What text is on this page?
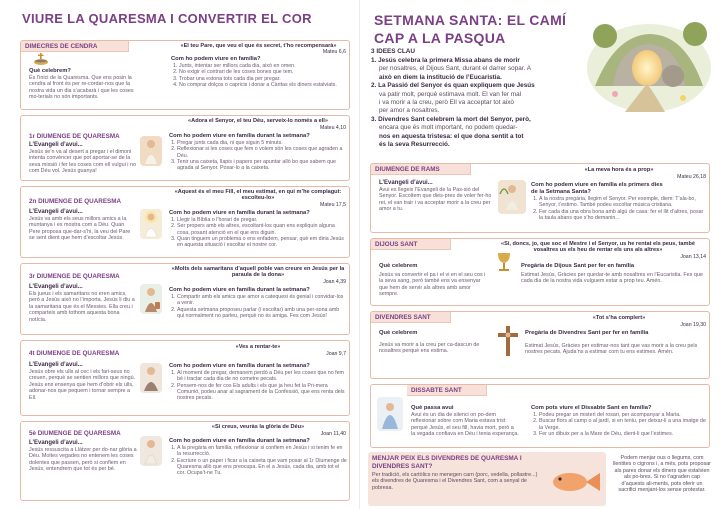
VIURE LA QUARESMA I CONVERTIR EL COR
DIMECRES DE CENDRA	«El teu Pare, que veu el que és secret, t’ho recompensarà»
Mateu 6,6
Què celebrem?
És l’inici de la Quaresma. Que ens posin la cendra al front és per re-cordar-nos que la nostra vida un dia s’acabarà i que les coses mo-terials no són importants.
Com ho podem viure en família?
1. Junts, intentar ser millors cada dia, això en omen.
2. No exigir el contrari de les coses bones que tem.
3. Trobar una estona tots cada dia per pregar.
4. No comprar dolços o capricis i donar a Càritas els diners estalviats.
«Adora el Senyor, el teu Déu, serveix-lo només a ell»
Mateu 4,10
1r DIUMENGE DE QUARESMA
L’Evangeli d’avui...
Jesús se’n va al desert a pregar i el dimoni intenta convèncer que pot aportar-se de la seva missió i fer les coses com ell vulgui i no com Déu vol. Jesús guanya!
Com ho podem viure en família durant la setmana?
1. Pregar junts cada dia, ni que siguin 5 minuts.
2. Reflexionar si les coses que fem o volem són les coses que agraden a Déu.
3. Tenir una caixeta, llapis i papers per apuntar allò bo que sabem que agrada al Senyor. Posar-lo a la caixeta.
«Aquest és el meu Fill, el meu estimat, en qui m’he complagut: escolteu-lo»
Mateu 17,5
2n DIUMENGE DE QUARESMA
L’Evangeli d’avui...
Jesús va amb els seus millors amics a la muntanya i es mostra com a Déu. Quan Pere proposa que-dar-s’hi, la veu del Pare se sent dient que hem d’escoltar Jesús.
Com ho podem viure en família durant la setmana?
1. Llegir la Bíblia o l’horari de pregar.
2. Ser propers amb els altres, escoltant-los quan ens expliquin alguna cosa, posant atenció en el que ens diguin.
3. Quan tinguem un problema o ens enfadem, pensar, què em diria Jesús en aquesta situació i escoltar el nostre cor.
«Molts dels samaritans d’aquell poble van creure en Jesús per la paraula de la dona»
Joan 4,39
3r DIUMENGE DE QUARESMA
L’Evangeli d’avui...
Els jueus i els samaritans no eren amics, però a Jesús això no l’importa. Jesús li diu a la samaritana que és el Messies. Ella creu i comparteix amb tothom aquesta bona notícia.
Com ho podem viure en família durant la setmana?
1. Compartir amb els amics que amor a catequesi és genial i convidar-los a venir.
2. Aquesta setmana proposeu parlar (i escoltar) amb una per-sona amb qui normalment no parleu, perquè no és amiga. Fes com Jesús!
«Ves a rentar-te»
Joan 9,7
4t DIUMENGE DE QUARESMA
L’Evangeli d’avui...
Jesús obre els ulls al cec i els fari-seus no creuen, perquè se sentien millors que ningú. Jesús ens ensenya que hem d’obrir els ulls, adonar-nos que pequem i tornar sempre a Ell.
Com ho podem viure en família durant la setmana?
1. Al moment de pregar, demanem perdó a Déu per les coses que no fem bé i tractar cada dia de no cometre pecats.
2. Pensem-nos de fer cos Els adults i els que ja heu fet la Pri-mera Comunió, podeu anar al sagrament de la Confessió, que ens renta dels nostres pecats.
«Si creus, veuràs la glòria de Déu»
Joan 11,40
5è DIUMENGE DE QUARESMA
L’Evangeli d’avui...
Jesús ressuscita a Llàtzer per do-nar glòria a Déu. Moltes vegades no entenem les coses dolentes que passen, però si confiem en Jesús, entendrem que tot és per bé.
Com ho podem viure en família durant la setmana?
1. A la pregària en família, reflexionar si confiem en Jesús i si tenim fe en la resurrecció.
2. Escriure o un paper i ficar a la caixeta que vam posar al 1r Diumenge de Quaresma allò que ens preocupa. En el a Jesús, cada dia, amb tot el cor. Ocupa’t-ne Tu.
SETMANA SANTA: EL CAMÍ
CAP A LA PASQUA
3 IDEES CLAU
1. Jesús celebra la primera Missa abans de morir
per nosaltres, el Dijous Sant, durant el darrer sopar. A
això en diem la institució de l’Eucaristia.
2. La Passió del Senyor és quan expliquem que Jesús
va patir molt, perquè estimava molt. El van fer mal
i va morir a la creu, però Ell va acceptar tot això
per amor a nosaltres.
3. Divendres Sant celebrem la mort del Senyor, però,
encara que és molt important, no podem quedar-
nos en aquesta tristesa: el que dona sentit a tot
és la seva Resurrecció.
DIUMENGE DE RAMS	«La meva hora és a prop»
Mateu 26,18
L’Evangeli d’avui...
Avui es llegeix l’Evangeli de la Pas-sió del Senyor. Escoltem que dies-pres de voler fer-ho rei, el van trair i va acceptar morir a la creu per amor a tu.
Com ho podem viure en família els primers dies
de la Setmana Santa?
1. A la nostra pregària, llegim el Senyor. Per exemple, diem: T’ala-bo, Senyor, t’estimo. També podeu escoltar música cristiana.
2. Fer cada dia una obra bona amb algú de casa: fer el llit d’altres, posar la taula abans que s’ho demanin...
DIJOUS SANT	«Si, doncs, jo, que soc el Mestre i el Senyor, us he rentat els peus, també vosaltres us els heu de rentar els uns als altres»
Joan 13,14
Què celebrem
Jesús va convertir el pa i el vi en el seu cos i la seva sang, però també ens va ensenyar que hem de servir als altres amb amor sempre.
Pregària de Dijous Sant per fer en família
Estimat Jesús, Gràcies per quedar-te amb nosaltres en l’Eucaristia. Fes que cada dia de la nostra vida vulguem estar a prop teu. Amén.
DIVENDRES SANT	«Tot s’ha complert»
Joan 19,30
Què celebrem
Jesús va morir a la creu per ca-dascun de nosaltres perquè ens estima.
Pregària de Divendres Sant per fer en família
Estimat Jesús, Gràcies per estimar-nos tant que vas morir a la creu pels nostres pecats. Ajuda’ns a estimar com tu ens estimes. Amén.
DISSABTE SANT
Què passa avui
Avui és un dia de silenci on po-dem reflexionar sobre com Maria estava trist perquè Jesús, el seu fill, havia mort, però a la vegada confiava en Déu i tenia esperança.
Com pots viure el Dissabte Sant en família?
1. Podeu pregar un misteri del rosari, per acompanyar a Maria.
2. Buscar flors al camp o al jardí, si en teniu, per deixar-li a una imatge de la Verge.
3. Fer un dibuix per a la Mare de Déu, dient-li que l’estimes.
MENJAR PEIX ELS DIVENDRES DE QUARESMA I
DIVENDRES SANT?
Per tradició, els cartòlics no menegen carn (porc, vedella, pollastre...) els divendres de Quaresma i el Divendres Sant, com a senyal de pobresa.
Podem menjar ous o llegums, com llentites o cigrons i, a més, pots proposar als pares donar els diners que estalvien als po-bres. Si no t’agraden cap d’aquests ali-ments, pots oferir un sacrifici menjant-los sense protestar.
